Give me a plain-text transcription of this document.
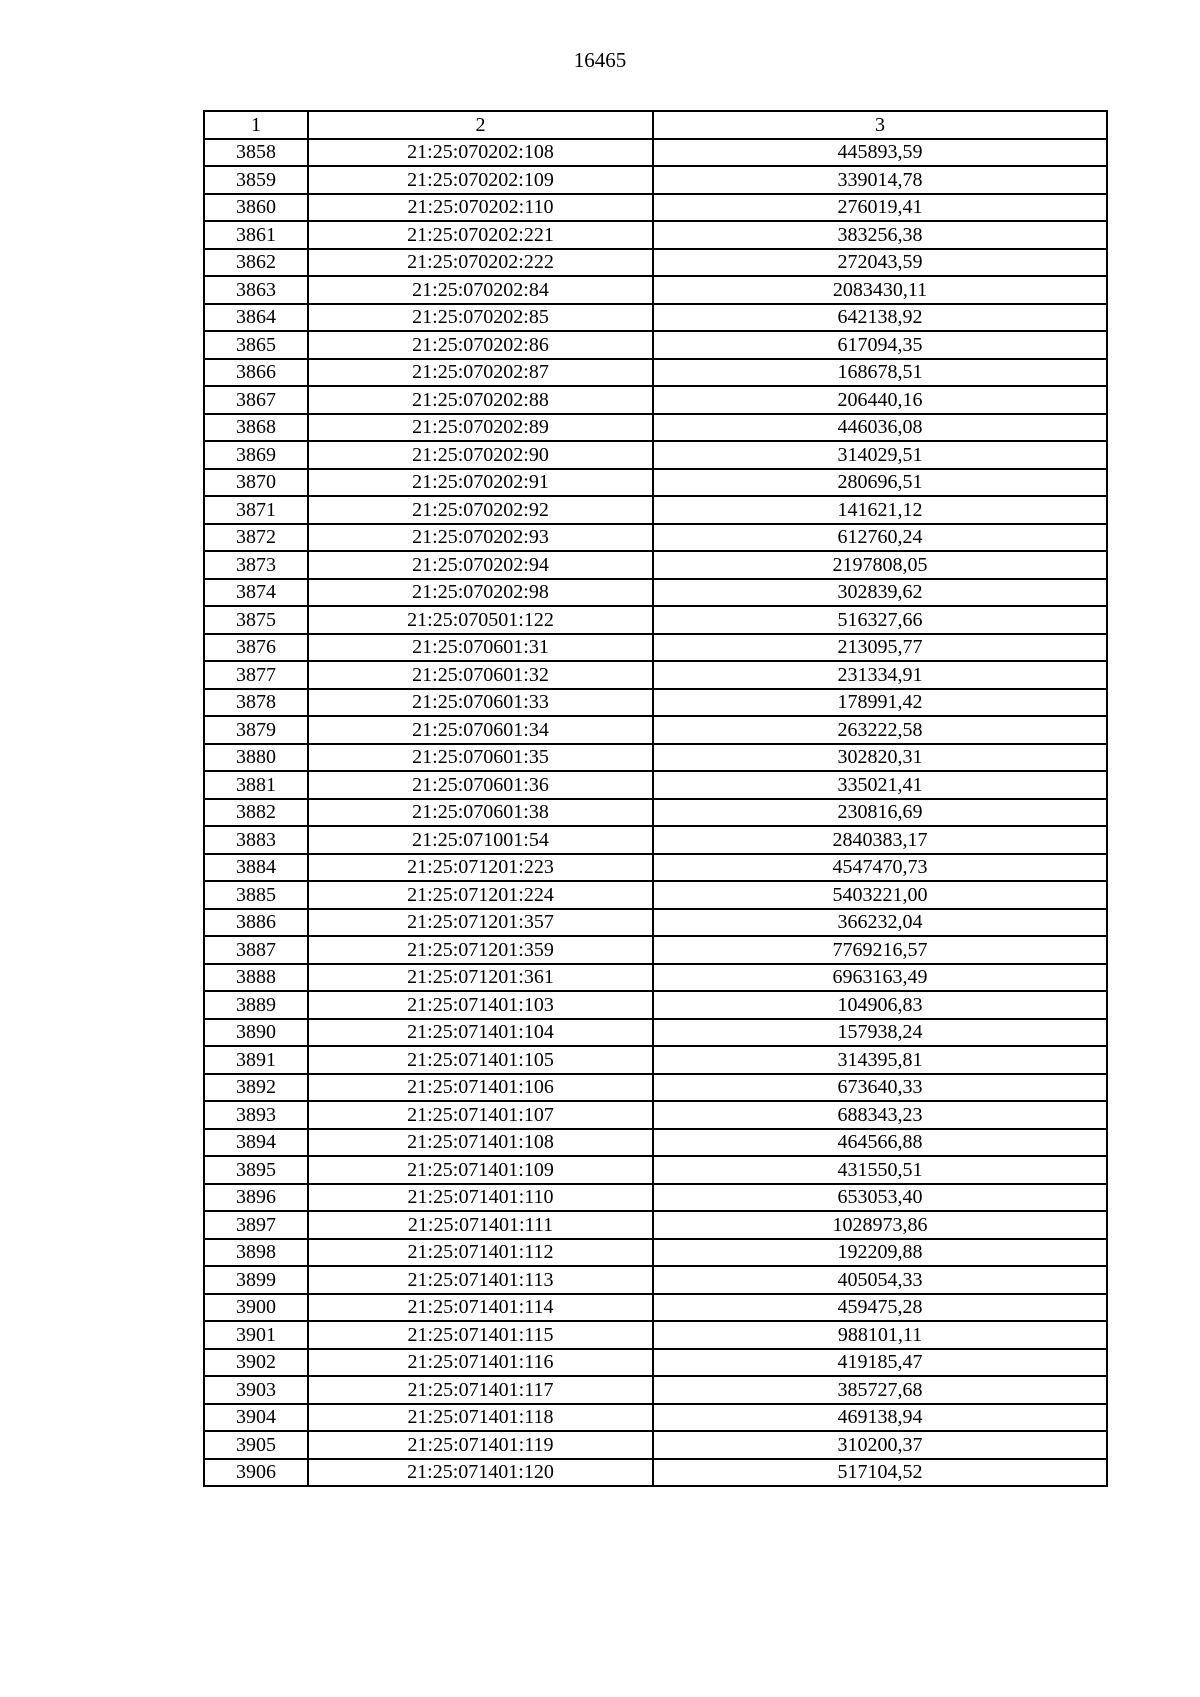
16465
1	2	3
3858	21:25:070202:108	445893,59
3859	21:25:070202:109	339014,78
3860	21:25:070202:110	276019,41
3861	21:25:070202:221	383256,38
3862	21:25:070202:222	272043,59
3863	21:25:070202:84	2083430,11
3864	21:25:070202:85	642138,92
3865	21:25:070202:86	617094,35
3866	21:25:070202:87	168678,51
3867	21:25:070202:88	206440,16
3868	21:25:070202:89	446036,08
3869	21:25:070202:90	314029,51
3870	21:25:070202:91	280696,51
3871	21:25:070202:92	141621,12
3872	21:25:070202:93	612760,24
3873	21:25:070202:94	2197808,05
3874	21:25:070202:98	302839,62
3875	21:25:070501:122	516327,66
3876	21:25:070601:31	213095,77
3877	21:25:070601:32	231334,91
3878	21:25:070601:33	178991,42
3879	21:25:070601:34	263222,58
3880	21:25:070601:35	302820,31
3881	21:25:070601:36	335021,41
3882	21:25:070601:38	230816,69
3883	21:25:071001:54	2840383,17
3884	21:25:071201:223	4547470,73
3885	21:25:071201:224	5403221,00
3886	21:25:071201:357	366232,04
3887	21:25:071201:359	7769216,57
3888	21:25:071201:361	6963163,49
3889	21:25:071401:103	104906,83
3890	21:25:071401:104	157938,24
3891	21:25:071401:105	314395,81
3892	21:25:071401:106	673640,33
3893	21:25:071401:107	688343,23
3894	21:25:071401:108	464566,88
3895	21:25:071401:109	431550,51
3896	21:25:071401:110	653053,40
3897	21:25:071401:111	1028973,86
3898	21:25:071401:112	192209,88
3899	21:25:071401:113	405054,33
3900	21:25:071401:114	459475,28
3901	21:25:071401:115	988101,11
3902	21:25:071401:116	419185,47
3903	21:25:071401:117	385727,68
3904	21:25:071401:118	469138,94
3905	21:25:071401:119	310200,37
3906	21:25:071401:120	517104,52
